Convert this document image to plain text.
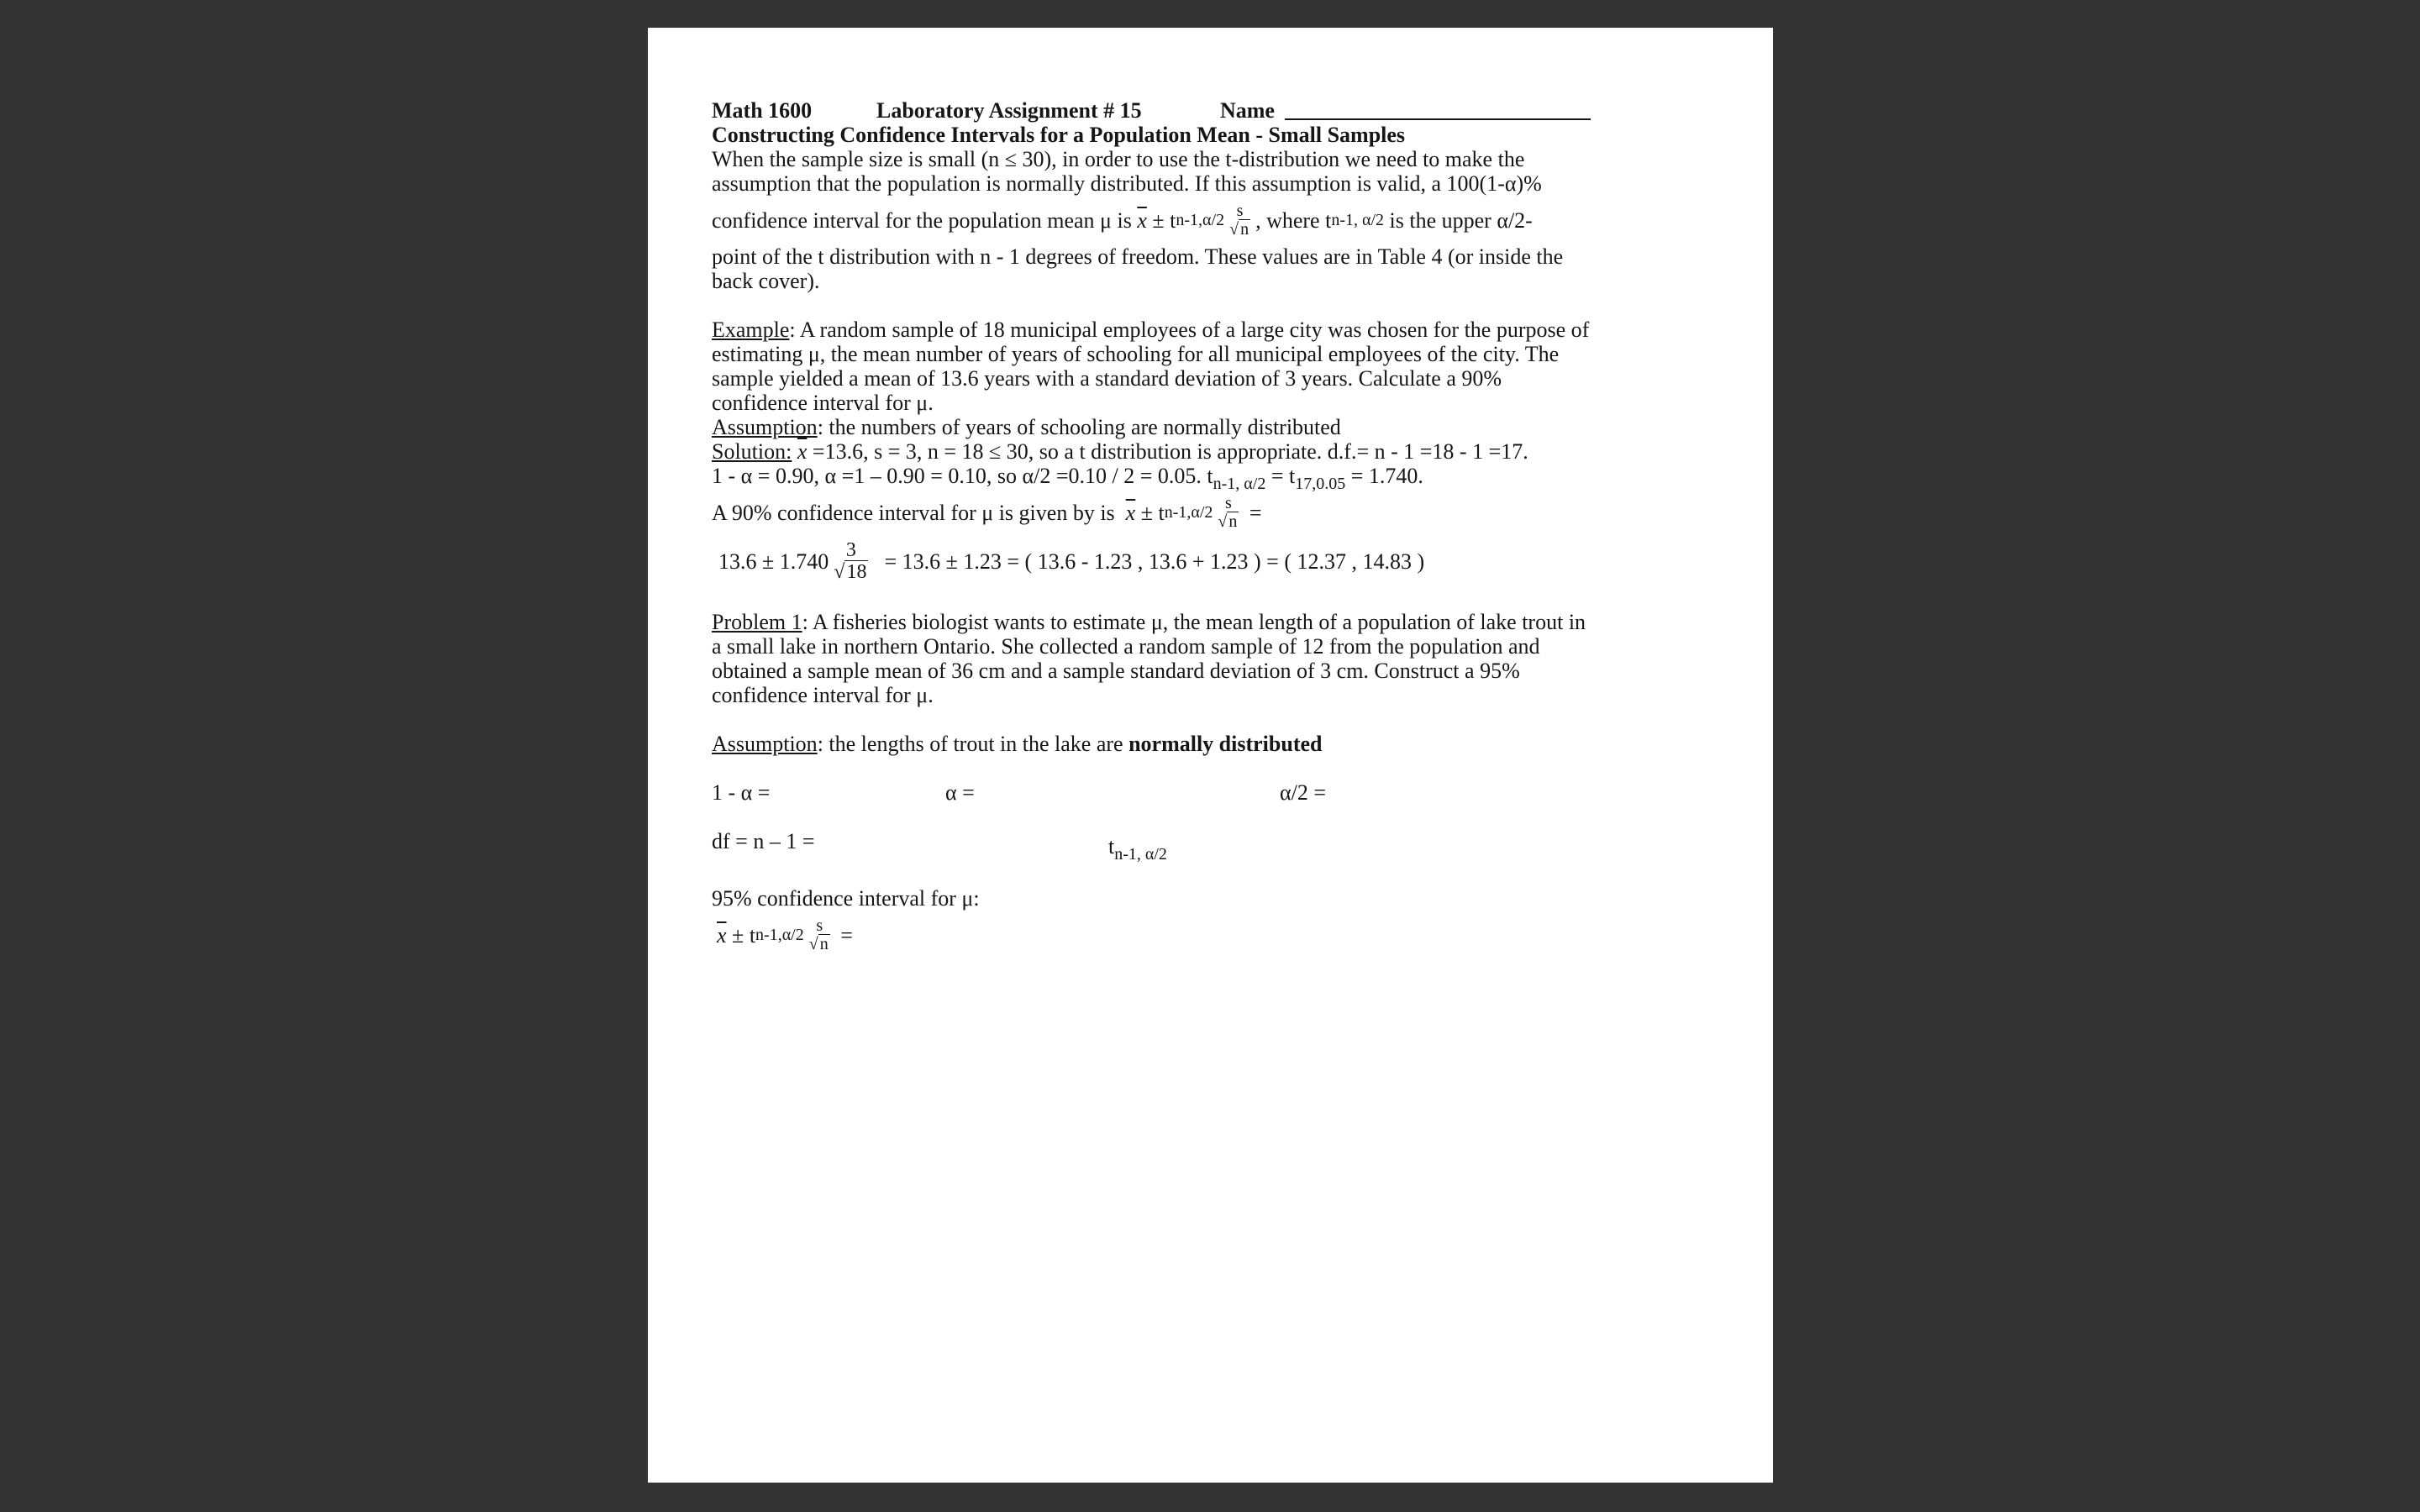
Math 1600	Laboratory Assignment # 15	Name
Constructing Confidence Intervals for a Population Mean - Small Samples

When the sample size is small (n ≤ 30), in order to use the t-distribution we need to make the

assumption that the population is normally distributed. If this assumption is valid, a 100(1-α)%

confidence interval for the population mean μ is
$\overline{x}$
± t n-1,α/2 s
√ n , where
t n-1, α/2
is the upper α/2-

point of the t distribution with n - 1 degrees of freedom. These values are in Table 4 (or inside the

back cover).

Example: A random sample of 18 municipal employees of a large city was chosen for the purpose of

estimating μ, the mean number of years of schooling for all municipal employees of the city. The

sample yielded a mean of 13.6 years with a standard deviation of 3 years. Calculate a 90%

confidence interval for μ.

Assumption: the numbers of years of schooling are normally distributed

Solution: $\overline{x} =13.6$, s = 3, n = 18 ≤ 30, so a t distribution is appropriate. d.f.= n - 1 =18 - 1 =17.

1 - α = 0.90, α =1 – 0.90 = 0.10, so α/2 =0.10 / 2 = 0.05. $t_{n-1, \alpha/2} = t_{17,0.05} = 1.740$.

A 90% confidence interval for μ is given by is
$\overline{x}$
± t n-1,α/2 s
√ n
=
13.6 ± 1.740 3
√18
= 13.6 ± 1.23 = ( 13.6 - 1.23 , 13.6 + 1.23 ) = ( 12.37 , 14.83 )

Problem 1: A fisheries biologist wants to estimate μ, the mean length of a population of lake trout in

a small lake in northern Ontario. She collected a random sample of 12 from the population and

obtained a sample mean of 36 cm and a sample standard deviation of 3 cm. Construct a 95%

confidence interval for μ.

Assumption: the lengths of trout in the lake are normally distributed

1 - α =	α =	α/2 =
df = n – 1 =	$t_{n-1, \alpha/2}$

95% confidence interval for μ:

$\overline{x}$
± t n-1,α/2 s
√ n
=
